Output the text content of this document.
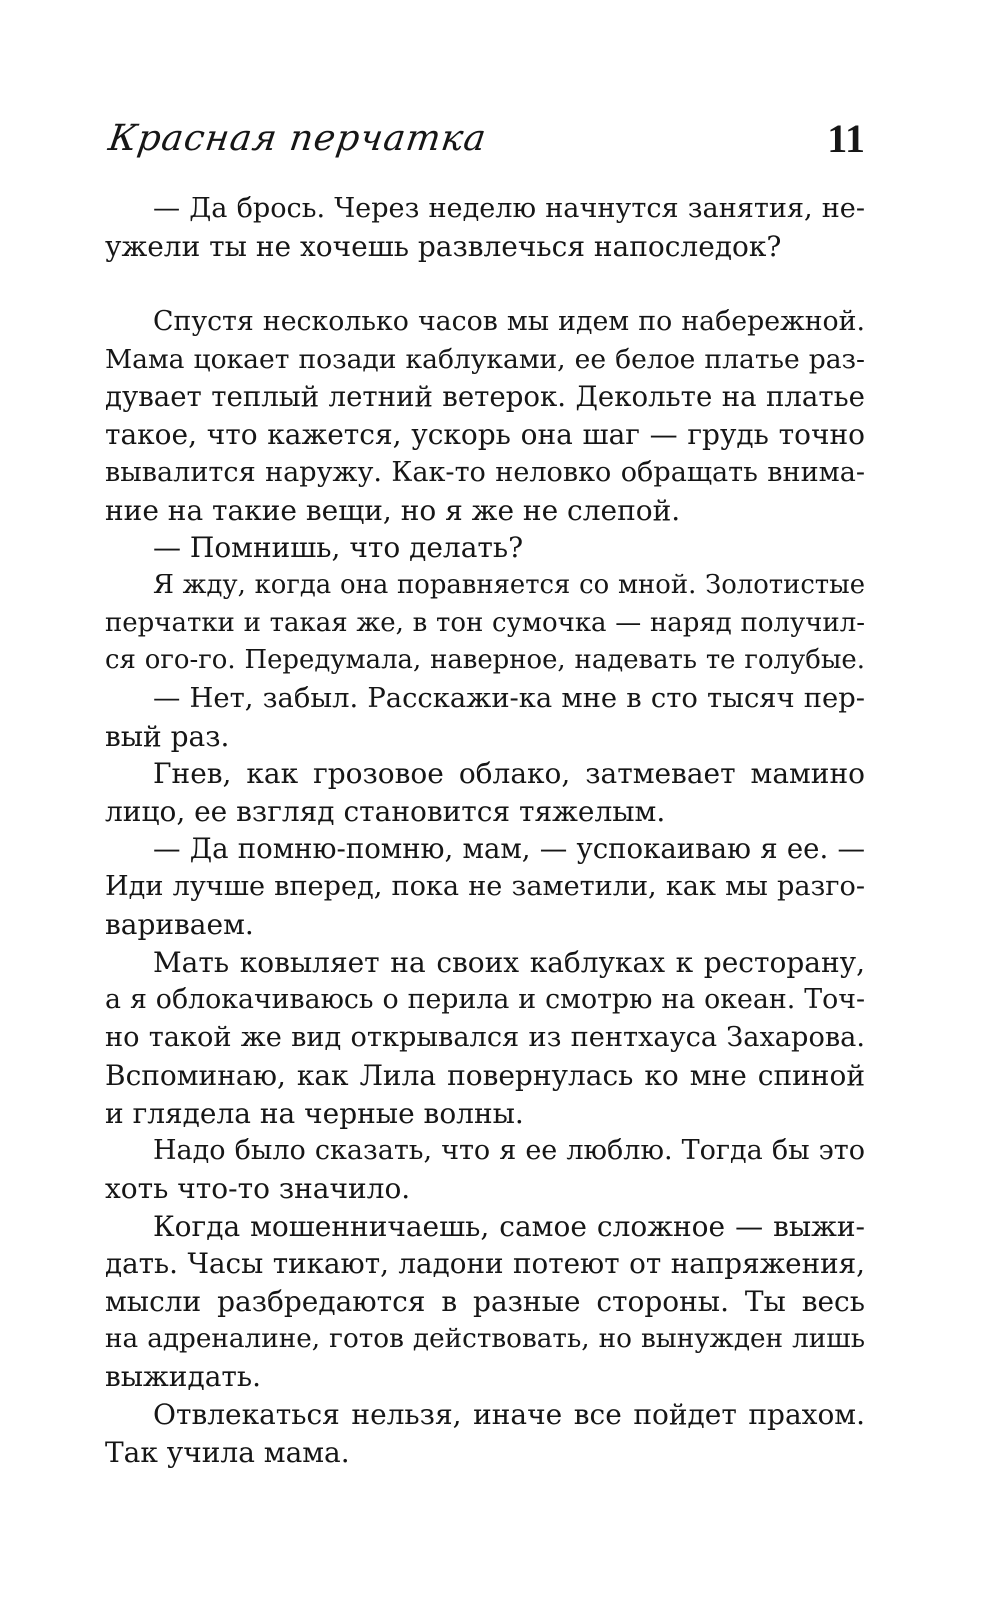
Красная перчатка	11
— Да брось. Через неделю начнутся занятия, не-
ужели ты не хочешь развлечься напоследок?
Спустя несколько часов мы идем по набережной.
Мама цокает позади каблуками, ее белое платье раз-
дувает теплый летний ветерок. Декольте на платье
такое, что кажется, ускорь она шаг — грудь точно
вывалится наружу. Как-то неловко обращать внима-
ние на такие вещи, но я же не слепой.
— Помнишь, что делать?
Я жду, когда она поравняется со мной. Золотистые
перчатки и такая же, в тон сумочка — наряд получил-
ся ого-го. Передумала, наверное, надевать те голубые.
— Нет, забыл. Расскажи-ка мне в сто тысяч пер-
вый раз.
Гнев, как грозовое облако, затмевает мамино
лицо, ее взгляд становится тяжелым.
— Да помню-помню, мам, — успокаиваю я ее. —
Иди лучше вперед, пока не заметили, как мы разго-
вариваем.
Мать ковыляет на своих каблуках к ресторану,
а я облокачиваюсь о перила и смотрю на океан. Точ-
но такой же вид открывался из пентхауса Захарова.
Вспоминаю, как Лила повернулась ко мне спиной
и глядела на черные волны.
Надо было сказать, что я ее люблю. Тогда бы это
хоть что-то значило.
Когда мошенничаешь, самое сложное — выжи-
дать. Часы тикают, ладони потеют от напряжения,
мысли разбредаются в разные стороны. Ты весь
на адреналине, готов действовать, но вынужден лишь
выжидать.
Отвлекаться нельзя, иначе все пойдет прахом.
Так учила мама.
